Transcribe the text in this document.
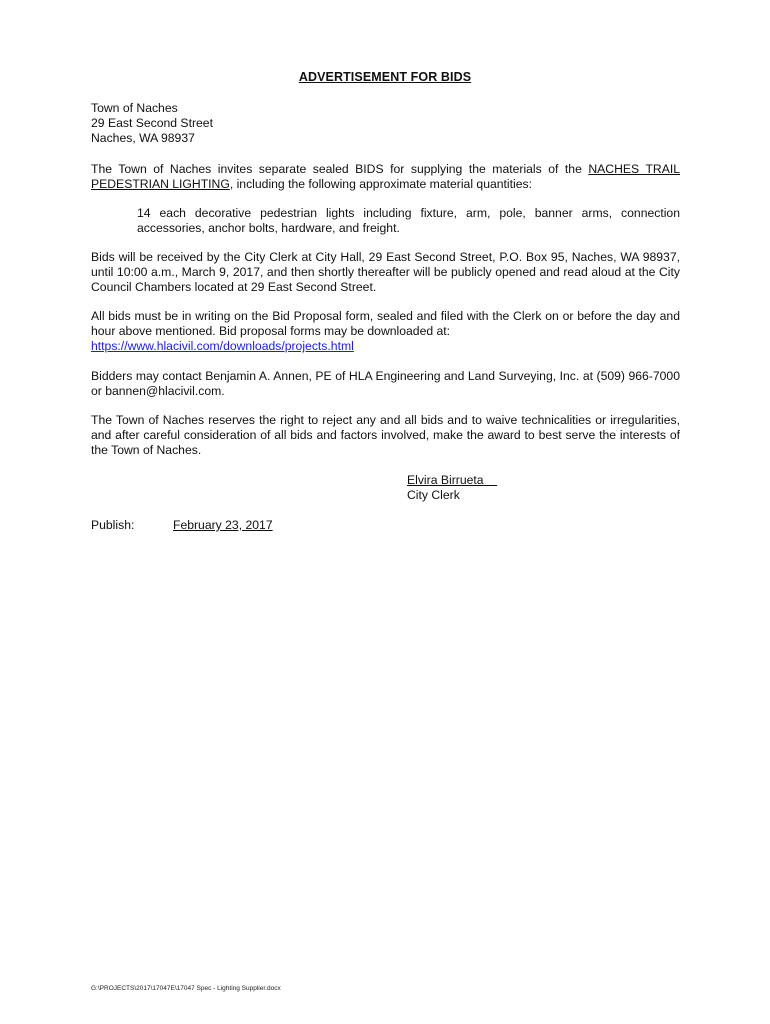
ADVERTISEMENT FOR BIDS
Town of Naches
29 East Second Street
Naches, WA 98937
The Town of Naches invites separate sealed BIDS for supplying the materials of the NACHES TRAIL PEDESTRIAN LIGHTING, including the following approximate material quantities:
14 each decorative pedestrian lights including fixture, arm, pole, banner arms, connection accessories, anchor bolts, hardware, and freight.
Bids will be received by the City Clerk at City Hall, 29 East Second Street, P.O. Box 95, Naches, WA 98937, until 10:00 a.m., March 9, 2017, and then shortly thereafter will be publicly opened and read aloud at the City Council Chambers located at 29 East Second Street.
All bids must be in writing on the Bid Proposal form, sealed and filed with the Clerk on or before the day and hour above mentioned. Bid proposal forms may be downloaded at:
https://www.hlacivil.com/downloads/projects.html
Bidders may contact Benjamin A. Annen, PE of HLA Engineering and Land Surveying, Inc. at (509) 966-7000 or bannen@hlacivil.com.
The Town of Naches reserves the right to reject any and all bids and to waive technicalities or irregularities, and after careful consideration of all bids and factors involved, make the award to best serve the interests of the Town of Naches.
Elvira Birrueta
City Clerk
Publish:	February 23, 2017
G:\PROJECTS\2017\17047E\17047 Spec - Lighting Supplier.docx
